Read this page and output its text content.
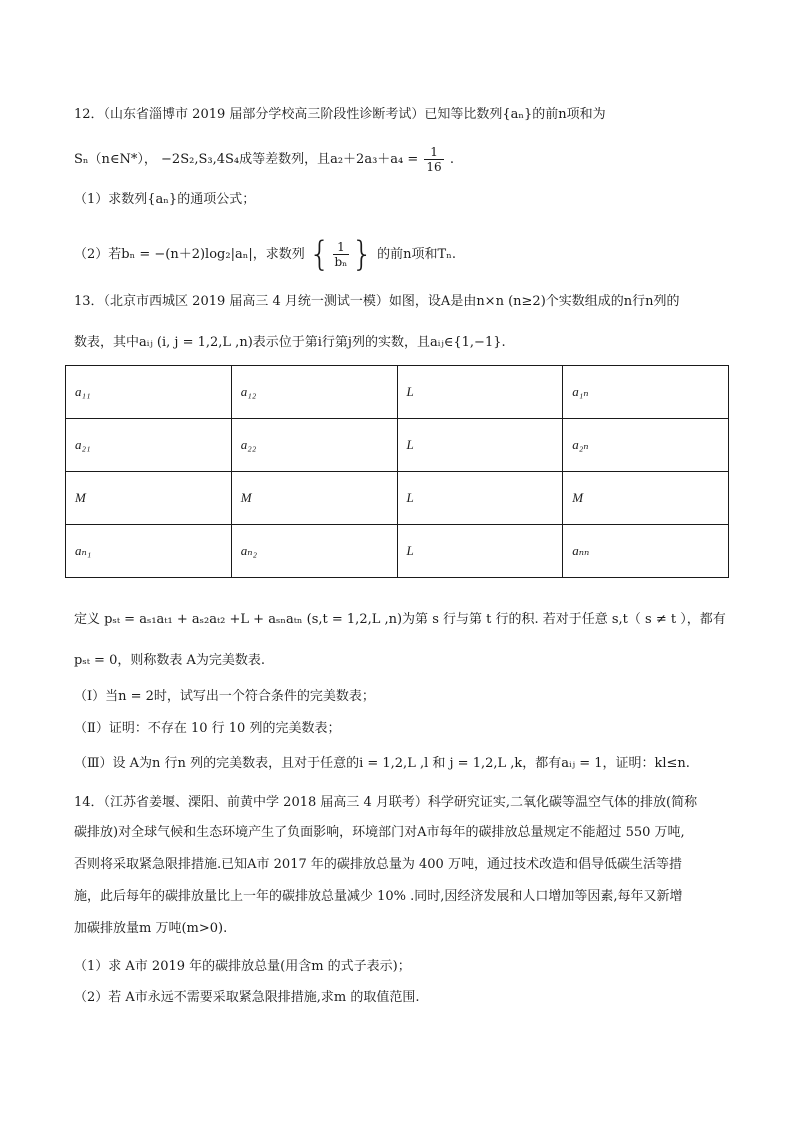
12．（山东省淄博市 2019 届部分学校高三阶段性诊断考试）已知等比数列{aₙ}的前n项和为
Sₙ（n∈N*）， −2S₂,S₃,4S₄成等差数列，且$a_2+2a_3+a_4 = \frac{1}{16}$ .
（1）求数列{aₙ}的通项公式；
（2）若bₙ = −(n＋2)log₂|aₙ|，求数列 { $\frac{1}{\text{bₙ}}$ } 的前n项和Tₙ.
13．（北京市西城区 2019 届高三 4 月统一测试一模）如图，设A是由n×n (n≥2)个实数组成的n行n列的
数表，其中aᵢⱼ (i, j = 1,2,L ,n)表示位于第i行第j列的实数，且aᵢⱼ∈{1,−1}.
a₁₁	a₁₂	L	a₁ₙ
a₂₁	a₂₂	L	a₂ₙ
M	M	L	M
aₙ₁	aₙ₂	L	aₙₙ
定义 pₛₜ = aₛ₁aₜ₁ + aₛ₂aₜ₂ +L + aₛₙaₜₙ (s,t = 1,2,L ,n)为第 s 行与第 t 行的积. 若对于任意 s,t（ s ≠ t ），都有
pₛₜ = 0，则称数表 A为完美数表.
（Ⅰ）当n = 2时，试写出一个符合条件的完美数表；
（Ⅱ）证明：不存在 10 行 10 列的完美数表；
（Ⅲ）设 A为n 行n 列的完美数表，且对于任意的i = 1,2,L ,l 和 j = 1,2,L ,k，都有aᵢⱼ = 1，证明：kl≤n.
14．（江苏省姜堰、溧阳、前黄中学 2018 届高三 4 月联考）科学研究证实,二氧化碳等温空气体的排放(简称
碳排放)对全球气候和生态环境产生了负面影响，环境部门对A市每年的碳排放总量规定不能超过 550 万吨,
否则将采取紧急限排措施.已知A市 2017 年的碳排放总量为 400 万吨，通过技术改造和倡导低碳生活等措
施，此后每年的碳排放量比上一年的碳排放总量减少 10% .同时,因经济发展和人口增加等因素,每年又新增
加碳排放量m 万吨(m>0).
（1）求 A市 2019 年的碳排放总量(用含m 的式子表示)；
（2）若 A市永远不需要采取紧急限排措施,求m 的取值范围.
